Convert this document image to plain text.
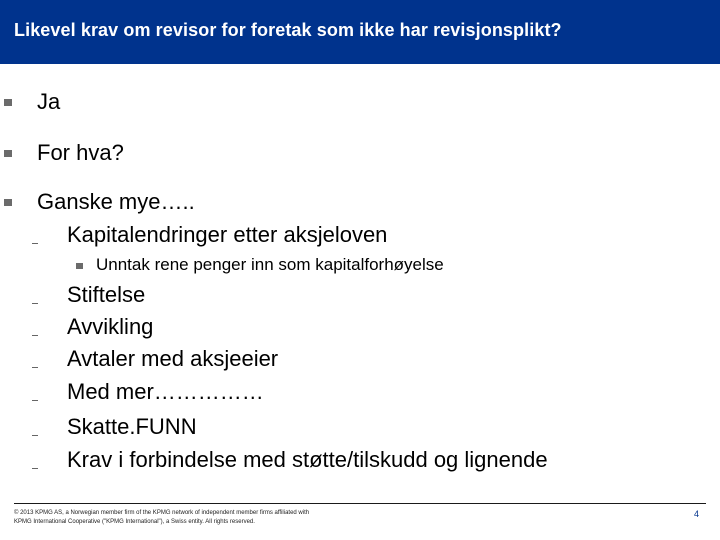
Likevel krav om revisor for foretak som ikke har revisjonsplikt?
Ja
For hva?
Ganske mye…..
Kapitalendringer etter aksjeloven
Unntak rene penger inn som kapitalforhøyelse
Stiftelse
Avvikling
Avtaler med aksjeeier
Med mer……………
Skatte.FUNN
Krav i forbindelse med støtte/tilskudd og lignende
© 2013 KPMG AS, a Norwegian member firm of the KPMG network of independent member firms affiliated with
KPMG International Cooperative ("KPMG International"), a Swiss entity. All rights reserved.
4
